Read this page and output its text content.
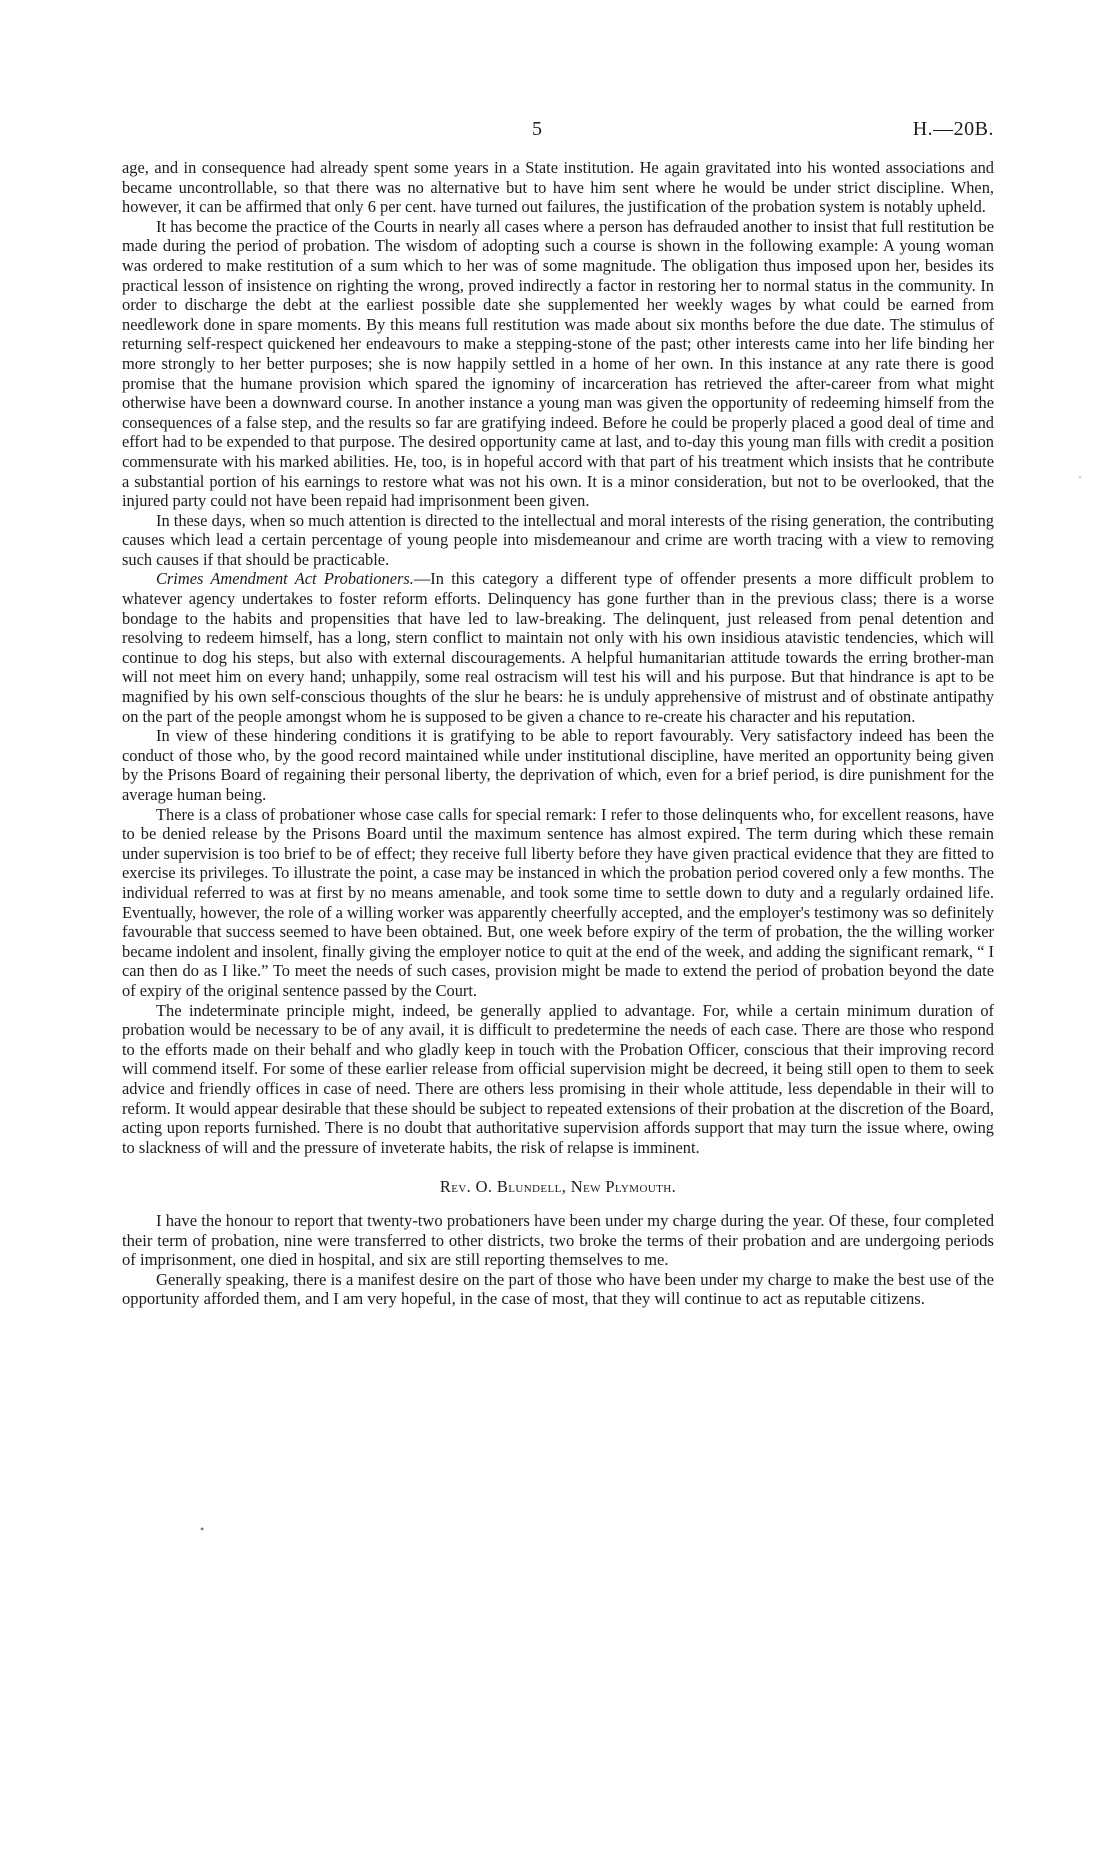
5	H.—20B.

age, and in consequence had already spent some years in a State institution. He again gravitated into his wonted associations and became uncontrollable, so that there was no alternative but to have him sent where he would be under strict discipline. When, however, it can be affirmed that only 6 per cent. have turned out failures, the justification of the probation system is notably upheld.

It has become the practice of the Courts in nearly all cases where a person has defrauded another to insist that full restitution be made during the period of probation. The wisdom of adopting such a course is shown in the following example: A young woman was ordered to make restitution of a sum which to her was of some magnitude. The obligation thus imposed upon her, besides its practical lesson of insistence on righting the wrong, proved indirectly a factor in restoring her to normal status in the community. In order to discharge the debt at the earliest possible date she supplemented her weekly wages by what could be earned from needlework done in spare moments. By this means full restitution was made about six months before the due date. The stimulus of returning self-respect quickened her endeavours to make a stepping-stone of the past; other interests came into her life binding her more strongly to her better purposes; she is now happily settled in a home of her own. In this instance at any rate there is good promise that the humane provision which spared the ignominy of incarceration has retrieved the after-career from what might otherwise have been a downward course. In another instance a young man was given the opportunity of redeeming himself from the consequences of a false step, and the results so far are gratifying indeed. Before he could be properly placed a good deal of time and effort had to be expended to that purpose. The desired opportunity came at last, and to-day this young man fills with credit a position commensurate with his marked abilities. He, too, is in hopeful accord with that part of his treatment which insists that he contribute a substantial portion of his earnings to restore what was not his own. It is a minor consideration, but not to be overlooked, that the injured party could not have been repaid had imprisonment been given.

In these days, when so much attention is directed to the intellectual and moral interests of the rising generation, the contributing causes which lead a certain percentage of young people into misdemeanour and crime are worth tracing with a view to removing such causes if that should be practicable.

Crimes Amendment Act Probationers.—In this category a different type of offender presents a more difficult problem to whatever agency undertakes to foster reform efforts. Delinquency has gone further than in the previous class; there is a worse bondage to the habits and propensities that have led to law-breaking. The delinquent, just released from penal detention and resolving to redeem himself, has a long, stern conflict to maintain not only with his own insidious atavistic tendencies, which will continue to dog his steps, but also with external discouragements. A helpful humanitarian attitude towards the erring brother-man will not meet him on every hand; unhappily, some real ostracism will test his will and his purpose. But that hindrance is apt to be magnified by his own self-conscious thoughts of the slur he bears: he is unduly apprehensive of mistrust and of obstinate antipathy on the part of the people amongst whom he is supposed to be given a chance to re-create his character and his reputation.

In view of these hindering conditions it is gratifying to be able to report favourably. Very satisfactory indeed has been the conduct of those who, by the good record maintained while under institutional discipline, have merited an opportunity being given by the Prisons Board of regaining their personal liberty, the deprivation of which, even for a brief period, is dire punishment for the average human being.

There is a class of probationer whose case calls for special remark: I refer to those delinquents who, for excellent reasons, have to be denied release by the Prisons Board until the maximum sentence has almost expired. The term during which these remain under supervision is too brief to be of effect; they receive full liberty before they have given practical evidence that they are fitted to exercise its privileges. To illustrate the point, a case may be instanced in which the probation period covered only a few months. The individual referred to was at first by no means amenable, and took some time to settle down to duty and a regularly ordained life. Eventually, however, the role of a willing worker was apparently cheerfully accepted, and the employer's testimony was so definitely favourable that success seemed to have been obtained. But, one week before expiry of the term of probation, the the willing worker became indolent and insolent, finally giving the employer notice to quit at the end of the week, and adding the significant remark, “ I can then do as I like.” To meet the needs of such cases, provision might be made to extend the period of probation beyond the date of expiry of the original sentence passed by the Court.

The indeterminate principle might, indeed, be generally applied to advantage. For, while a certain minimum duration of probation would be necessary to be of any avail, it is difficult to predetermine the needs of each case. There are those who respond to the efforts made on their behalf and who gladly keep in touch with the Probation Officer, conscious that their improving record will commend itself. For some of these earlier release from official supervision might be decreed, it being still open to them to seek advice and friendly offices in case of need. There are others less promising in their whole attitude, less dependable in their will to reform. It would appear desirable that these should be subject to repeated extensions of their probation at the discretion of the Board, acting upon reports furnished. There is no doubt that authoritative supervision affords support that may turn the issue where, owing to slackness of will and the pressure of inveterate habits, the risk of relapse is imminent.

Rev. O. Blundell, New Plymouth.

I have the honour to report that twenty-two probationers have been under my charge during the year. Of these, four completed their term of probation, nine were transferred to other districts, two broke the terms of their probation and are undergoing periods of imprisonment, one died in hospital, and six are still reporting themselves to me.

Generally speaking, there is a manifest desire on the part of those who have been under my charge to make the best use of the opportunity afforded them, and I am very hopeful, in the case of most, that they will continue to act as reputable citizens.

•
·
